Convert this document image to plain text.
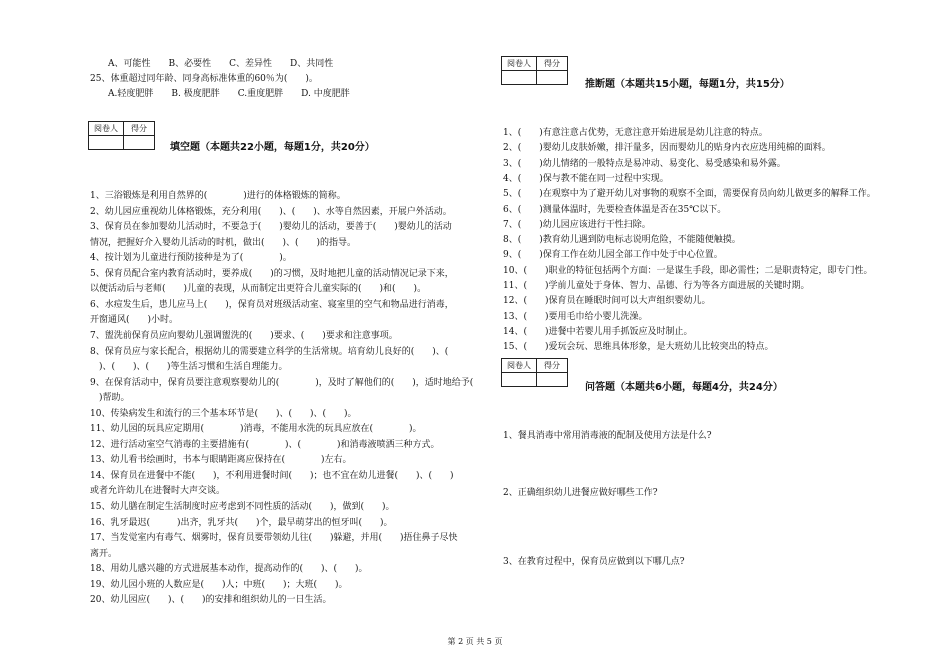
A、可能性　　B、必要性　　C、差异性　　D、共同性
25、体重超过同年龄、同身高标准体重的60％为(　　)。
A.轻度肥胖　　B. 极度肥胖　　C.重度肥胖　　D. 中度肥胖
阅卷人	得分

填空题（本题共22小题，每题1分，共20分）
1、三浴锻炼是利用自然界的(　　　　)进行的体格锻炼的简称。
2、幼儿园应重视幼儿体格锻炼，充分利用(　　)、(　　)、水等自然因素，开展户外活动。
3、保育员在参加婴幼儿活动时，不要急于(　　)婴幼儿的活动，要善于(　　)婴幼儿的活动
情况，把握好介入婴幼儿活动的时机，做出(　　)、(　　)的指导。
4、按计划为儿童进行预防接种是为了(　　　　)。
5、保育员配合室内教育活动时，要养成(　　)的习惯，及时地把儿童的活动情况记录下来，
以便活动后与老师(　　)儿童的表现，从而制定出更符合儿童实际的(　　)和(　　)。
6、水痘发生后，患儿应马上(　　)，保育员对班级活动室、寝室里的空气和物品进行消毒，
开窗通风(　　)小时。
7、盥洗前保育员应向婴幼儿强调盥洗的(　　)要求、(　　)要求和注意事项。
8、保育员应与家长配合，根据幼儿的需要建立科学的生活常规。培育幼儿良好的(　　)、(
　)、(　　)、(　　)等生活习惯和生活自理能力。
9、在保育活动中，保育员要注意观察婴幼儿的(　　　　)，及时了解他们的(　　)，适时地给予(
　)帮助。
10、传染病发生和流行的三个基本环节是(　　)、(　　)、(　　)。
11、幼儿园的玩具应定期用(　　　　)消毒，不能用水洗的玩具应放在(　　　　)。
12、进行活动室空气消毒的主要措施有(　　　　)、(　　　　)和消毒液喷洒三种方式。
13、幼儿看书绘画时，书本与眼睛距离应保持在(　　　　)左右。
14、保育员在进餐中不能(　　)，不利用进餐时间(　　)；也不宜在幼儿进餐(　　)、(　　)
或者允许幼儿在进餐时大声交谈。
15、幼儿膳在制定生活制度时应考虑到不同性质的活动(　　)，做到(　　)。
16、乳牙最迟(　　　)出齐，乳牙共(　　)个，最早萌芽出的恒牙叫(　　)。
17、当发觉室内有毒气、烟雾时，保育员要带领幼儿往(　　)躲避，并用(　　)捂住鼻子尽快
离开。
18、用幼儿感兴趣的方式进展基本动作，提高动作的(　　)、(　　)。
19、幼儿园小班的人数应是(　　)人；中班(　　)；大班(　　)。
20、幼儿园应(　　)、(　　)的安排和组织幼儿的一日生活。
阅卷人	得分

推断题（本题共15小题，每题1分，共15分）
1、(　　)有意注意占优势，无意注意开始进展是幼儿注意的特点。
2、(　　)婴幼儿皮肤娇嫩，排汗量多，因而婴幼儿的贴身内衣应选用纯棉的面料。
3、(　　)幼儿情绪的一般特点是易冲动、易变化、易受感染和易外露。
4、(　　)保与教不能在同一过程中实现。
5、(　　)在观察中为了避开幼儿对事物的观察不全面，需要保育员向幼儿做更多的解释工作。
6、(　　)测量体温时，先要检查体温是否在35℃以下。
7、(　　)幼儿园应该进行干性扫除。
8、(　　)教育幼儿遇到防电标志说明危险，不能随便触摸。
9、(　　)保育工作在幼儿园全部工作中处于中心位置。
10、(　　)职业的特征包括两个方面：一是谋生手段，即必需性；二是职责特定，即专门性。
11、(　　)学前儿童处于身体、智力、品德、行为等各方面进展的关键时期。
12、(　　)保育员在睡眠时间可以大声组织婴幼儿。
13、(　　)要用毛巾给小婴儿洗澡。
14、(　　)进餐中若婴儿用手抓饭应及时制止。
15、(　　)爱玩会玩、思维具体形象，是大班幼儿比较突出的特点。
阅卷人	得分

问答题（本题共6小题，每题4分，共24分）
1、餐具消毒中常用消毒液的配制及使用方法是什么?
2、正确组织幼儿进餐应做好哪些工作?
3、在教育过程中，保育员应做到以下哪几点?
第 2 页 共 5 页
